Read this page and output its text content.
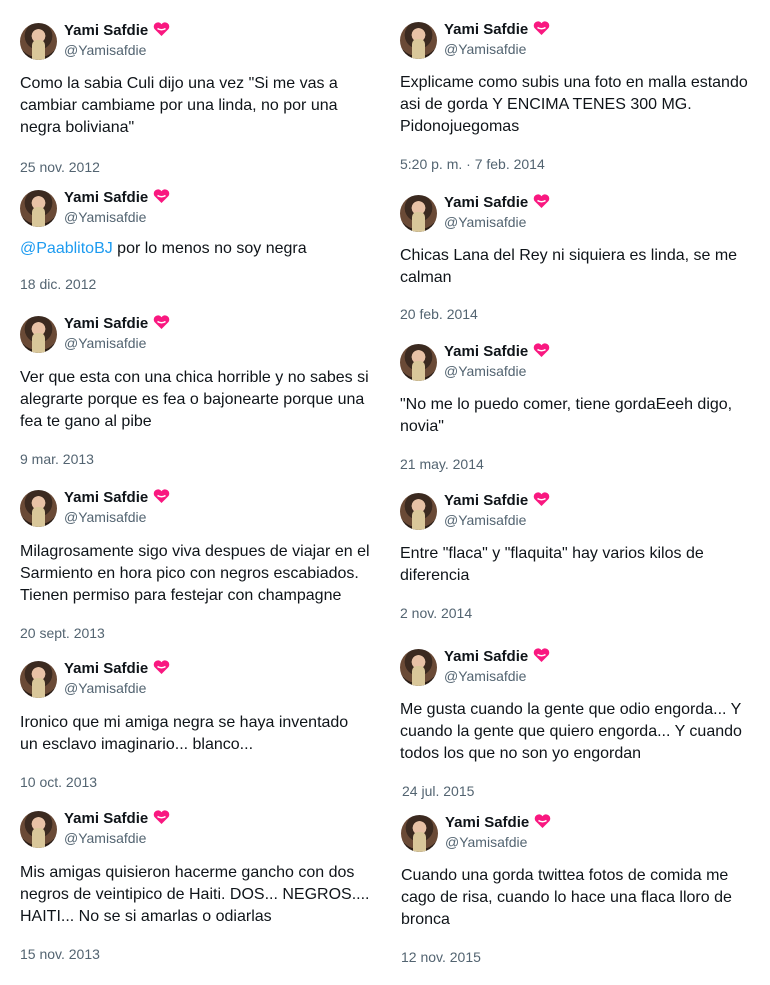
Yami Safdie
@Yamisafdie
Como la sabia Culi dijo una vez "Si me vas a cambiar cambiame por una linda, no por una negra boliviana"
25 nov. 2012
Yami Safdie
@Yamisafdie
@PaablitoBJ por lo menos no soy negra
18 dic. 2012
Yami Safdie
@Yamisafdie
Ver que esta con una chica horrible y no sabes si alegrarte porque es fea o bajonearte porque una fea te gano al pibe
9 mar. 2013
Yami Safdie
@Yamisafdie
Milagrosamente sigo viva despues de viajar en el Sarmiento en hora pico con negros escabiados. Tienen permiso para festejar con champagne
20 sept. 2013
Yami Safdie
@Yamisafdie
Ironico que mi amiga negra se haya inventado un esclavo imaginario... blanco...
10 oct. 2013
Yami Safdie
@Yamisafdie
Mis amigas quisieron hacerme gancho con dos negros de veintipico de Haiti. DOS... NEGROS.... HAITI... No se si amarlas o odiarlas
15 nov. 2013
Yami Safdie
@Yamisafdie
Explicame como subis una foto en malla estando asi de gorda Y ENCIMA TENES 300 MG. Pidonojuegomas
5:20 p. m. · 7 feb. 2014
Yami Safdie
@Yamisafdie
Chicas Lana del Rey ni siquiera es linda, se me calman
20 feb. 2014
Yami Safdie
@Yamisafdie
"No me lo puedo comer, tiene gordaEeeh digo, novia"
21 may. 2014
Yami Safdie
@Yamisafdie
Entre "flaca" y "flaquita" hay varios kilos de diferencia
2 nov. 2014
Yami Safdie
@Yamisafdie
Me gusta cuando la gente que odio engorda... Y cuando la gente que quiero engorda... Y cuando todos los que no son yo engordan
24 jul. 2015
Yami Safdie
@Yamisafdie
Cuando una gorda twittea fotos de comida me cago de risa, cuando lo hace una flaca lloro de bronca
12 nov. 2015
